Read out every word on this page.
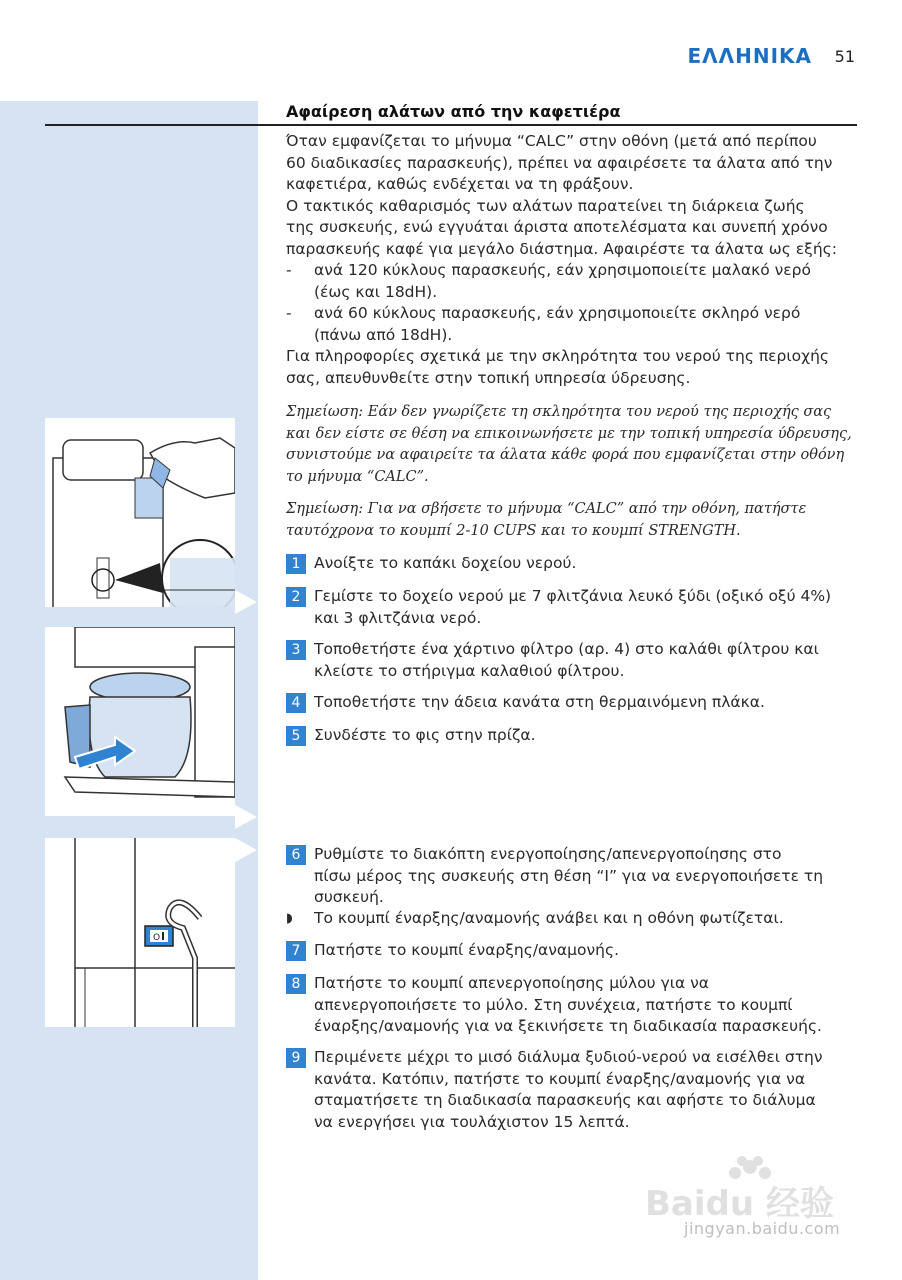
ΕΛΛΗΝΙΚΑ 51
Αφαίρεση αλάτων από την καφετιέρα

Όταν εμφανίζεται το μήνυμα “CALC” στην οθόνη (μετά από περίπου

60 διαδικασίες παρασκευής), πρέπει να αφαιρέσετε τα άλατα από την

καφετιέρα, καθώς ενδέχεται να τη φράξουν.

Ο τακτικός καθαρισμός των αλάτων παρατείνει τη διάρκεια ζωής

της συσκευής, ενώ εγγυάται άριστα αποτελέσματα και συνεπή χρόνο

παρασκευής καφέ για μεγάλο διάστημα. Αφαιρέστε τα άλατα ως εξής:

-	ανά 120 κύκλους παρασκευής, εάν χρησιμοποιείτε μαλακό νερό
(έως και 18dH).
-	ανά 60 κύκλους παρασκευής, εάν χρησιμοποιείτε σκληρό νερό
(πάνω από 18dH).

Για πληροφορίες σχετικά με την σκληρότητα του νερού της περιοχής

σας, απευθυνθείτε στην τοπική υπηρεσία ύδρευσης.

Σημείωση: Εάν δεν γνωρίζετε τη σκληρότητα του νερού της περιοχής σας
και δεν είστε σε θέση να επικοινωνήσετε με την τοπική υπηρεσία ύδρευσης,
συνιστούμε να αφαιρείτε τα άλατα κάθε φορά που εμφανίζεται στην οθόνη
το μήνυμα “CALC”.
Σημείωση: Για να σβήσετε το μήνυμα “CALC” από την οθόνη, πατήστε
ταυτόχρονα το κουμπί 2-10 CUPS και το κουμπί STRENGTH.
1 Ανοίξτε το καπάκι δοχείου νερού.
2 Γεμίστε το δοχείο νερού με 7 φλιτζάνια λευκό ξύδι (οξικό οξύ 4%)
και 3 φλιτζάνια νερό.
3 Τοποθετήστε ένα χάρτινο φίλτρο (αρ. 4) στο καλάθι φίλτρου και
κλείστε το στήριγμα καλαθιού φίλτρου.
4 Τοποθετήστε την άδεια κανάτα στη θερμαινόμενη πλάκα.
5 Συνδέστε το φις στην πρίζα.
6 Ρυθμίστε το διακόπτη ενεργοποίησης/απενεργοποίησης στο
πίσω μέρος της συσκευής στη θέση “I” για να ενεργοποιήσετε τη
συσκευή.
◗	Το κουμπί έναρξης/αναμονής ανάβει και η οθόνη φωτίζεται.
7 Πατήστε το κουμπί έναρξης/αναμονής.
8 Πατήστε το κουμπί απενεργοποίησης μύλου για να
απενεργοποιήσετε το μύλο. Στη συνέχεια, πατήστε το κουμπί
έναρξης/αναμονής για να ξεκινήσετε τη διαδικασία παρασκευής.
9 Περιμένετε μέχρι το μισό διάλυμα ξυδιού-νερού να εισέλθει στην
κανάτα. Κατόπιν, πατήστε το κουμπί έναρξης/αναμονής για να
σταματήσετε τη διαδικασία παρασκευής και αφήστε το διάλυμα
να ενεργήσει για τουλάχιστον 15 λεπτά.
O
Baidu 经验
jingyan.baidu.com
